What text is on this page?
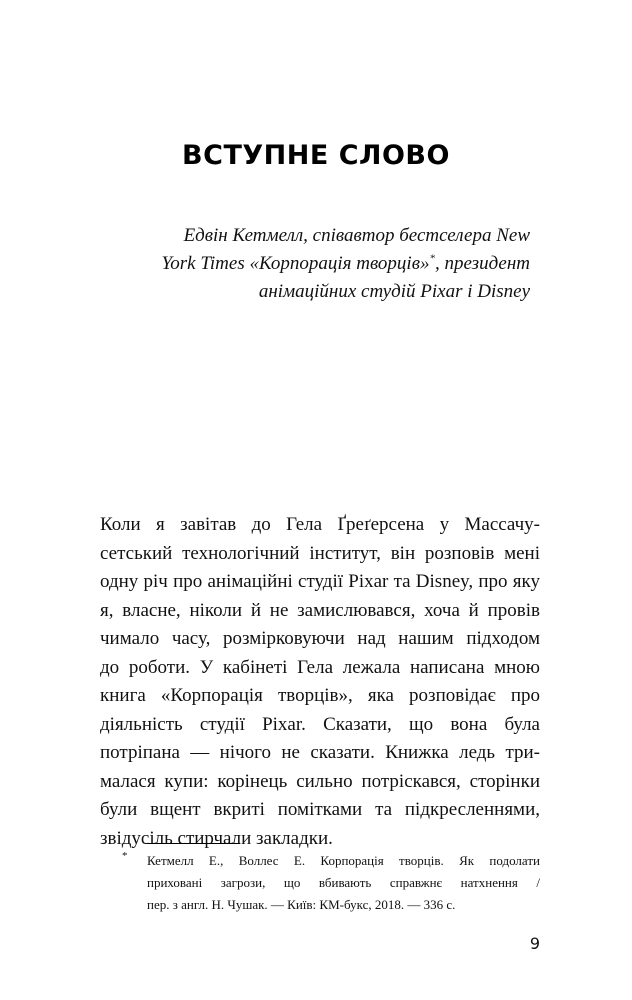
ВСТУПНЕ СЛОВО
Едвін Кетмелл, співавтор бестселера New
York Times «Корпорація творців»*, президент
анімаційних студій Pixar і Disney
Коли я завітав до Гела Ґреґерсена у Массачу-
сетський технологічний інститут, він розповів мені
одну річ про анімаційні студії Pixar та Disney, про яку
я, власне, ніколи й не замислювався, хоча й провів
чимало часу, розмірковуючи над нашим підходом
до роботи. У кабінеті Гела лежала написана мною
книга «Корпорація творців», яка розповідає про
діяльність студії Pixar. Сказати, що вона була
потріпана — нічого не сказати. Книжка ледь три-
малася купи: корінець сильно потріскався, сторінки
були вщент вкриті помітками та підкресленнями,
звідусіль стирчали закладки.
* Кетмелл Е., Воллес Е. Корпорація творців. Як подолати
приховані загрози, що вбивають справжнє натхнення /
пер. з англ. Н. Чушак. — Київ: КМ-букс, 2018. — 336 с.
9
